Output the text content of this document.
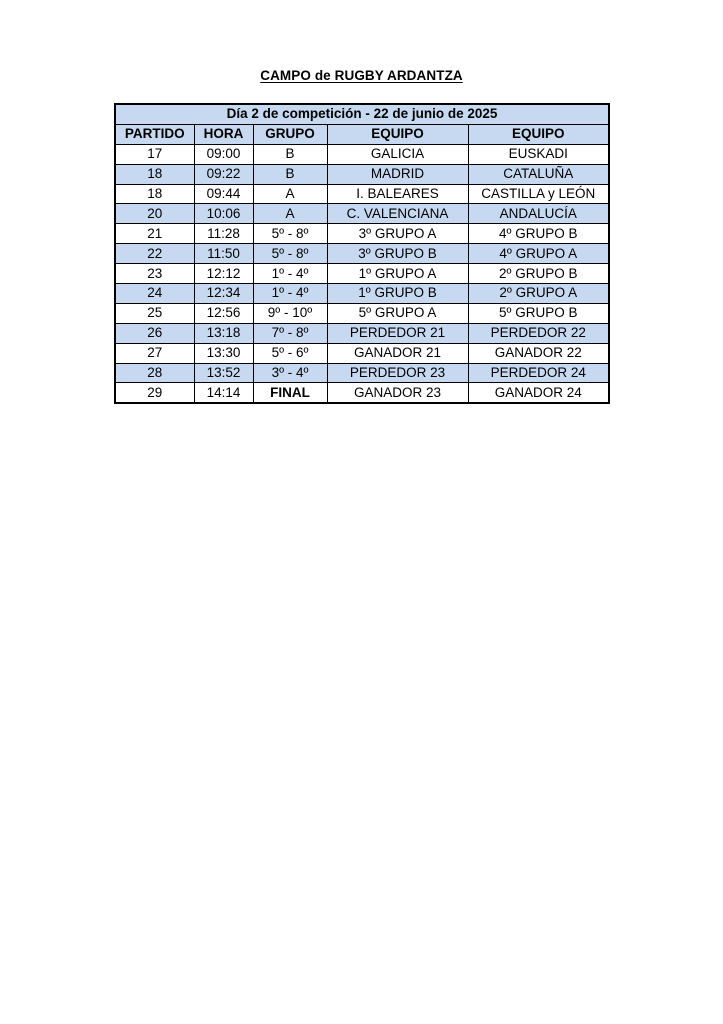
CAMPO de RUGBY ARDANTZA
Día 2 de competición - 22 de junio de 2025				
PARTIDO	HORA	GRUPO	EQUIPO	EQUIPO
17	09:00	B	GALICIA	EUSKADI
18	09:22	B	MADRID	CATALUÑA
18	09:44	A	I. BALEARES	CASTILLA y LEÓN
20	10:06	A	C. VALENCIANA	ANDALUCÍA
21	11:28	5º - 8º	3º GRUPO A	4º GRUPO B
22	11:50	5º - 8º	3º GRUPO B	4º GRUPO A
23	12:12	1º - 4º	1º GRUPO A	2º GRUPO B
24	12:34	1º - 4º	1º GRUPO B	2º GRUPO A
25	12:56	9º - 10º	5º GRUPO A	5º GRUPO B
26	13:18	7º - 8º	PERDEDOR 21	PERDEDOR 22
27	13:30	5º - 6º	GANADOR 21	GANADOR 22
28	13:52	3º - 4º	PERDEDOR 23	PERDEDOR 24
29	14:14	FINAL	GANADOR 23	GANADOR 24
